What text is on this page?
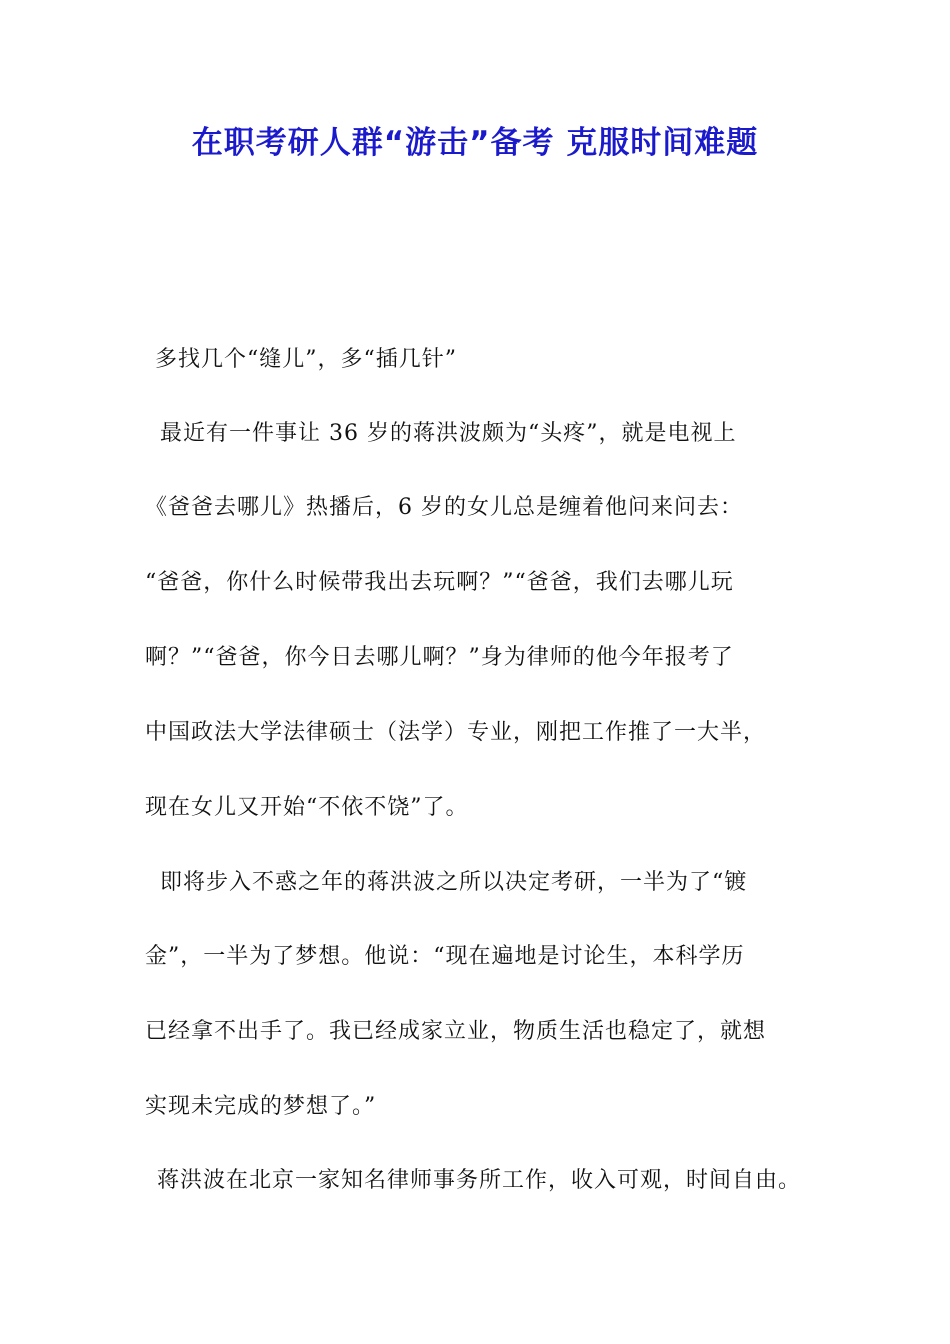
在职考研人群“游击”备考 克服时间难题
多找几个“缝儿”，多“插几针”
最近有一件事让 36 岁的蒋洪波颇为“头疼”，就是电视上
《爸爸去哪儿》热播后，6 岁的女儿总是缠着他问来问去：
“爸爸，你什么时候带我出去玩啊？”“爸爸，我们去哪儿玩
啊？”“爸爸，你今日去哪儿啊？”身为律师的他今年报考了
中国政法大学法律硕士（法学）专业，刚把工作推了一大半，
现在女儿又开始“不依不饶”了。
即将步入不惑之年的蒋洪波之所以决定考研，一半为了“镀
金”，一半为了梦想。他说：“现在遍地是讨论生，本科学历
已经拿不出手了。我已经成家立业，物质生活也稳定了，就想
实现未完成的梦想了。”
蒋洪波在北京一家知名律师事务所工作，收入可观，时间自由。
